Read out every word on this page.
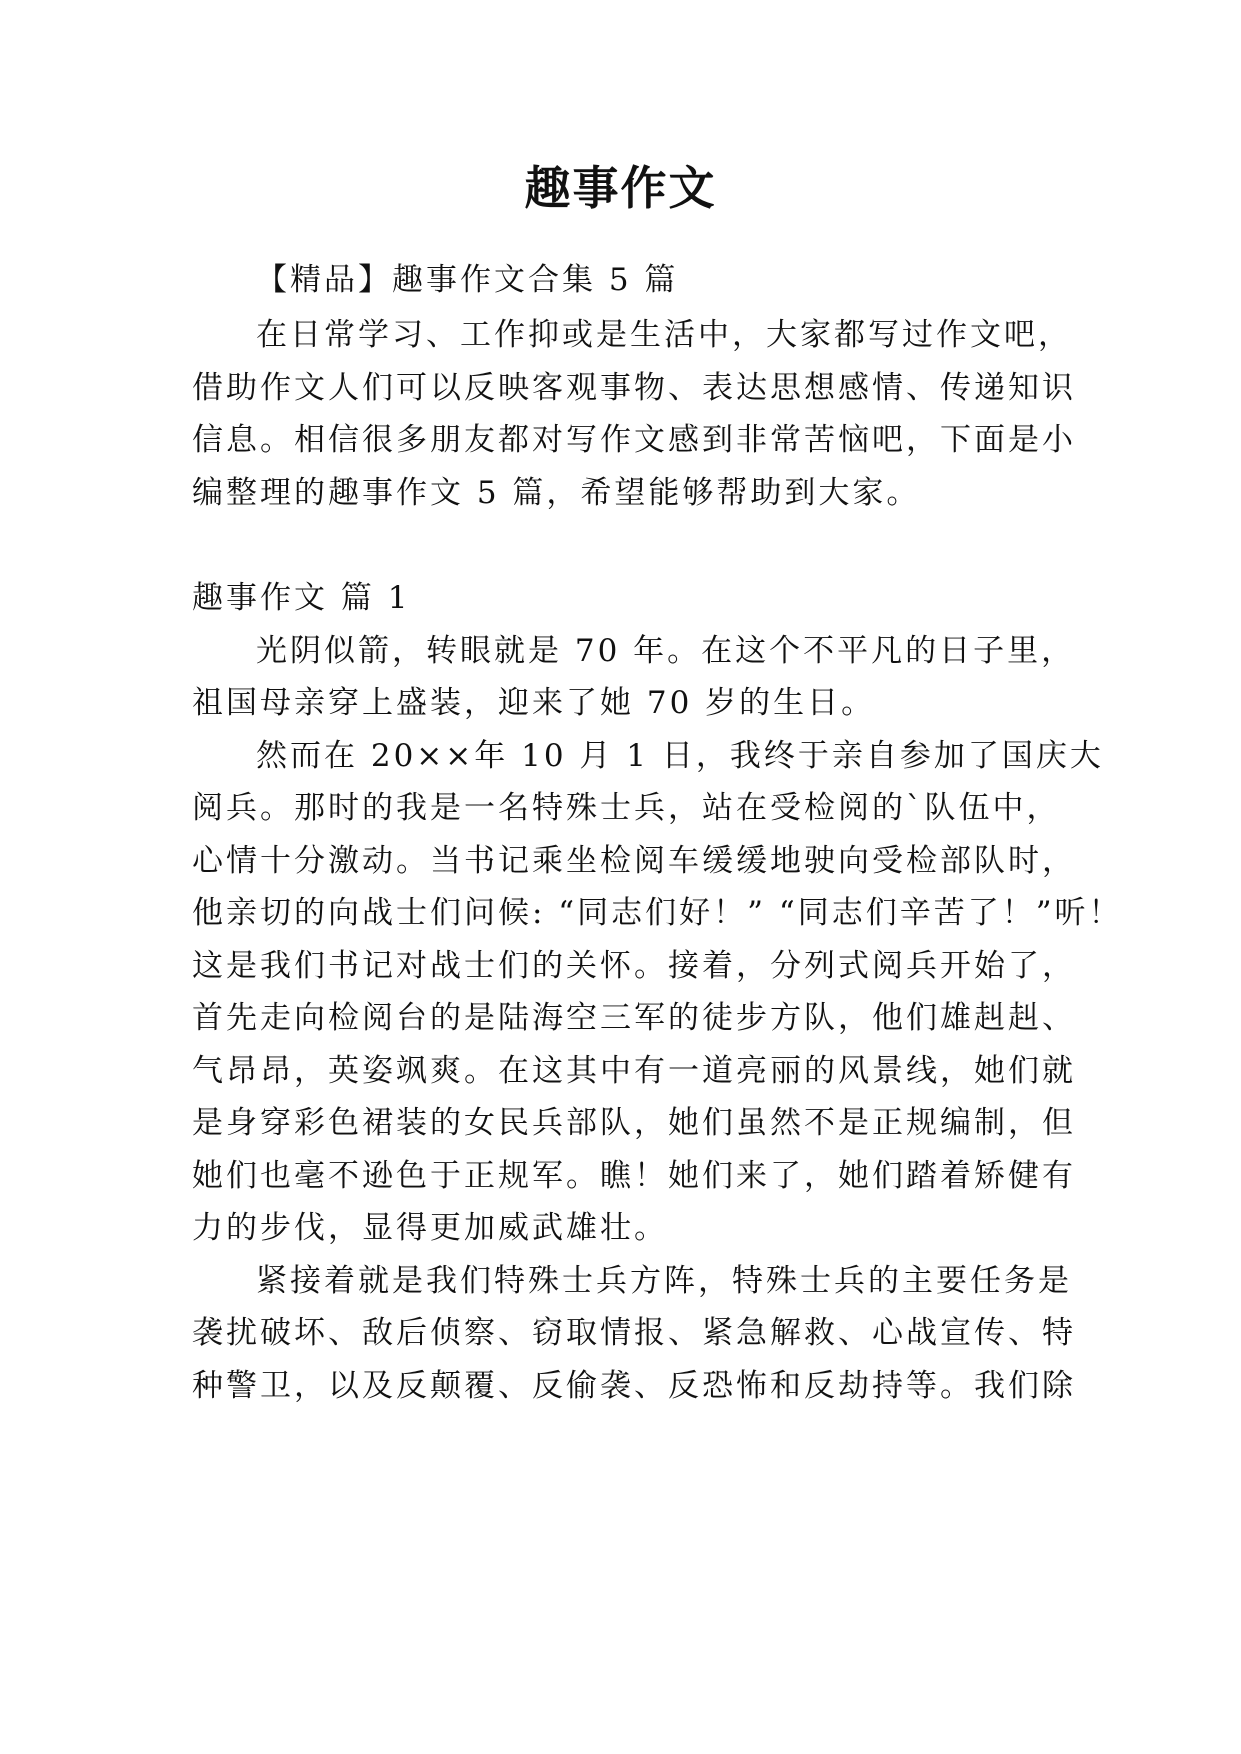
趣事作文
【精品】趣事作文合集 5 篇
在日常学习、工作抑或是生活中，大家都写过作文吧，
借助作文人们可以反映客观事物、表达思想感情、传递知识
信息。相信很多朋友都对写作文感到非常苦恼吧，下面是小
编整理的趣事作文 5 篇，希望能够帮助到大家。
趣事作文 篇 1
光阴似箭，转眼就是 70 年。在这个不平凡的日子里，
祖国母亲穿上盛装，迎来了她 70 岁的生日。
然而在 20××年 10 月 1 日，我终于亲自参加了国庆大
阅兵。那时的我是一名特殊士兵，站在受检阅的`队伍中，
心情十分激动。当书记乘坐检阅车缓缓地驶向受检部队时，
他亲切的向战士们问候: “同志们好！” “同志们辛苦了！”听！
这是我们书记对战士们的关怀。接着，分列式阅兵开始了，
首先走向检阅台的是陆海空三军的徒步方队，他们雄赳赳、
气昂昂，英姿飒爽。在这其中有一道亮丽的风景线，她们就
是身穿彩色裙装的女民兵部队，她们虽然不是正规编制，但
她们也毫不逊色于正规军。瞧！她们来了，她们踏着矫健有
力的步伐，显得更加威武雄壮。
紧接着就是我们特殊士兵方阵，特殊士兵的主要任务是
袭扰破坏、敌后侦察、窃取情报、紧急解救、心战宣传、特
种警卫，以及反颠覆、反偷袭、反恐怖和反劫持等。我们除
